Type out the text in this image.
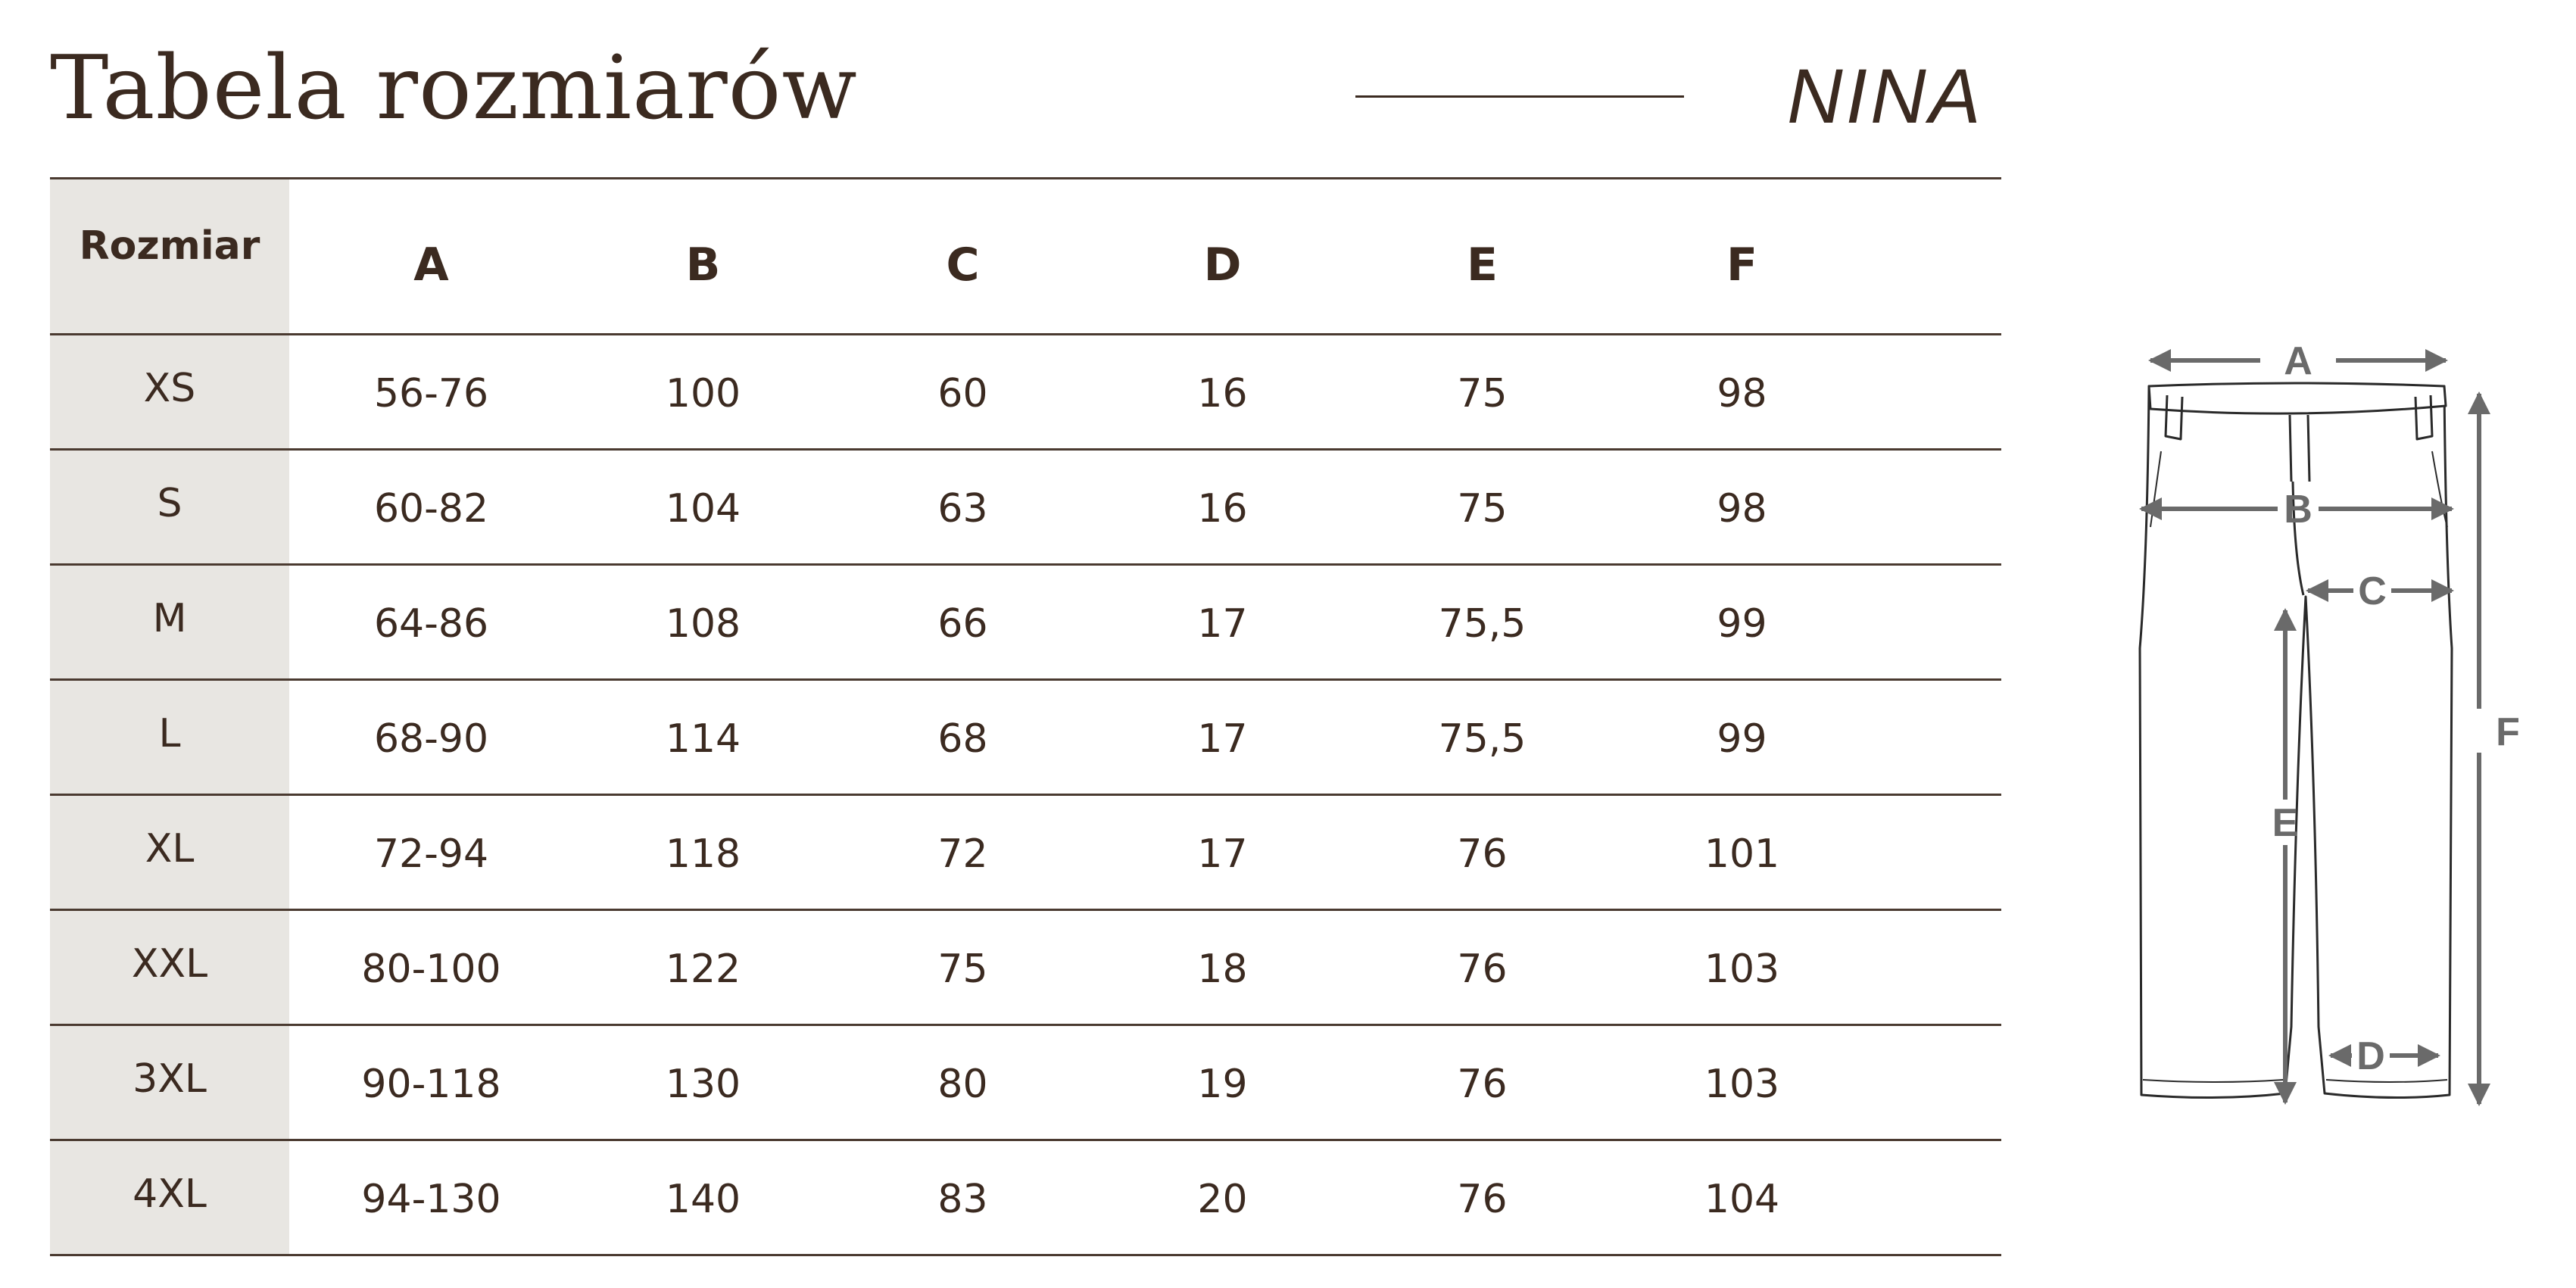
Tabela rozmiarów	NINA
Rozmiar	A	B	C	D	E	F	
XS	56-76	100	60	16	75	98	
S	60-82	104	63	16	75	98	
M	64-86	108	66	17	75,5	99	
L	68-90	114	68	17	75,5	99	
XL	72-94	118	72	17	76	101	
XXL	80-100	122	75	18	76	103	
3XL	90-118	130	80	19	76	103	
4XL	94-130	140	83	20	76	104	
A
B
C
D
E
F
